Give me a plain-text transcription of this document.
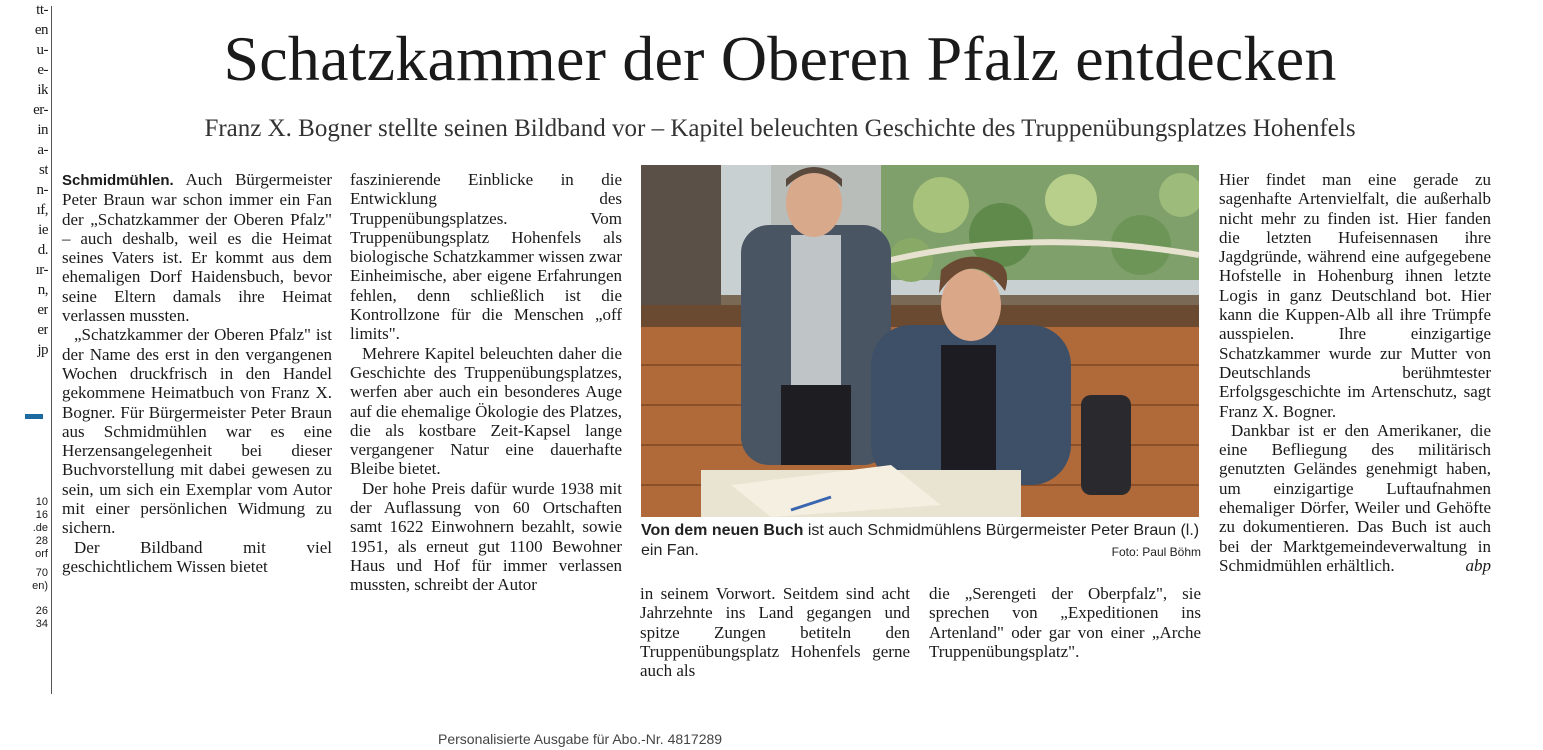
tt-
en
u-
e-
ik
er-
in
a-
st
n-
ıf,
ie
d.
ır-
n,
er
er
jp
10
16
.de
28
orf
70
en)
26
34
Schatzkammer der Oberen Pfalz entdecken
Franz X. Bogner stellte seinen Bildband vor – Kapitel beleuchten Geschichte des Truppenübungsplatzes Hohenfels

Schmidmühlen. Auch Bürgermeister Peter Braun war schon immer ein Fan der „Schatzkammer der Oberen Pfalz" – auch deshalb, weil es die Heimat seines Vaters ist. Er kommt aus dem ehemaligen Dorf Haidensbuch, bevor seine Eltern damals ihre Heimat verlassen mussten.

„Schatzkammer der Oberen Pfalz" ist der Name des erst in den vergangenen Wochen druckfrisch in den Handel gekommene Heimatbuch von Franz X. Bogner. Für Bürgermeister Peter Braun aus Schmidmühlen war es eine Herzensangelegenheit bei dieser Buchvorstellung mit dabei gewesen zu sein, um sich ein Exemplar vom Autor mit einer persönlichen Widmung zu sichern.

Der Bildband mit viel geschichtlichem Wissen bietet

faszinierende Einblicke in die Entwicklung des Truppenübungsplatzes. Vom Truppenübungsplatz Hohenfels als biologische Schatzkammer wissen zwar Einheimische, aber eigene Erfahrungen fehlen, denn schließlich ist die Kontrollzone für die Menschen „off limits".

Mehrere Kapitel beleuchten daher die Geschichte des Truppenübungsplatzes, werfen aber auch ein besonderes Auge auf die ehemalige Ökologie des Platzes, die als kostbare Zeit-Kapsel lange vergangener Natur eine dauerhafte Bleibe bietet.

Der hohe Preis dafür wurde 1938 mit der Auflassung von 60 Ortschaften samt 1622 Einwohnern bezahlt, sowie 1951, als erneut gut 1100 Bewohner Haus und Hof für immer verlassen mussten, schreibt der Autor

Von dem neuen Buch ist auch Schmidmühlens Bürgermeister Peter Braun (l.) ein Fan.	Foto: Paul Böhm

in seinem Vorwort. Seitdem sind acht Jahrzehnte ins Land gegangen und spitze Zungen betiteln den Truppenübungsplatz Hohenfels gerne auch als

die „Serengeti der Oberpfalz", sie sprechen von „Expeditionen ins Artenland" oder gar von einer „Arche Truppenübungsplatz".

Hier findet man eine gerade zu sagenhafte Artenvielfalt, die außerhalb nicht mehr zu finden ist. Hier fanden die letzten Hufeisennasen ihre Jagdgründe, während eine aufgegebene Hofstelle in Hohenburg ihnen letzte Logis in ganz Deutschland bot. Hier kann die Kuppen-Alb all ihre Trümpfe ausspielen. Ihre einzigartige Schatzkammer wurde zur Mutter von Deutschlands berühmtester Erfolgsgeschichte im Artenschutz, sagt Franz X. Bogner.

Dankbar ist er den Amerikaner, die eine Befliegung des militärisch genutzten Geländes genehmigt haben, um einzigartige Luftaufnahmen ehemaliger Dörfer, Weiler und Gehöfte zu dokumentieren. Das Buch ist auch bei der Marktgemeindeverwaltung in Schmidmühlen erhältlich.	abp

Personalisierte Ausgabe für Abo.-Nr. 4817289
